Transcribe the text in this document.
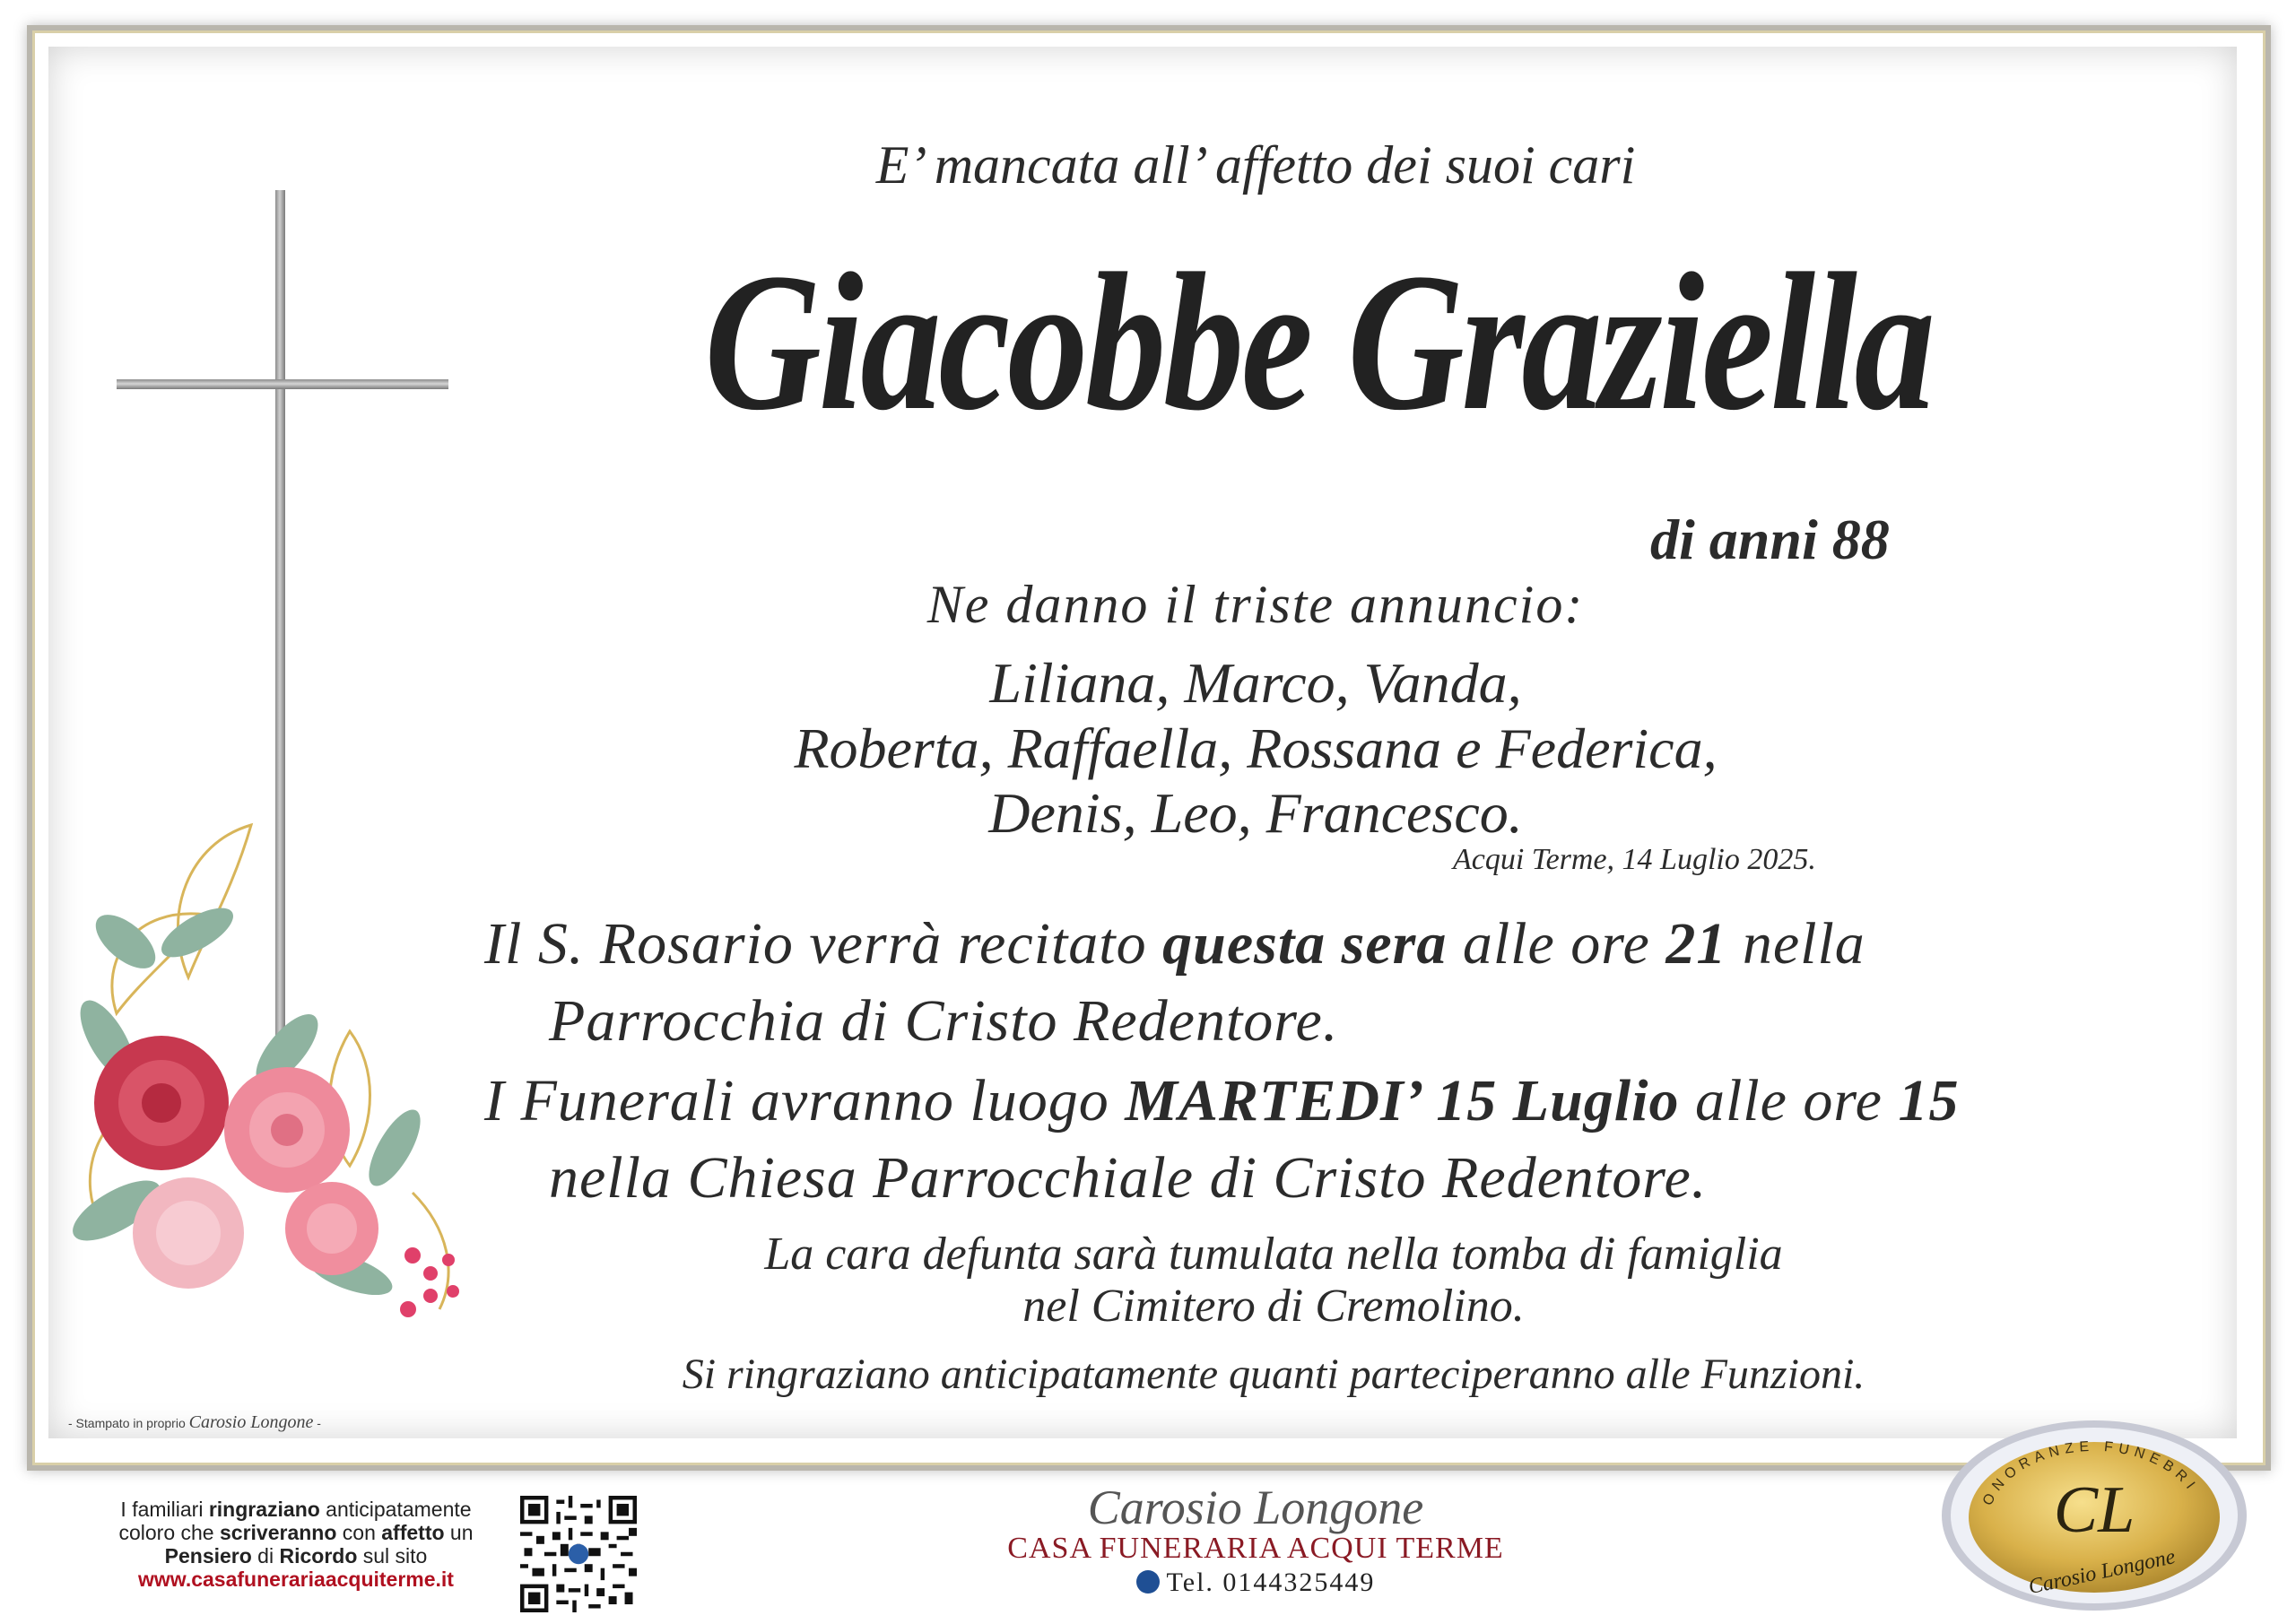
E’ mancata all’ affetto dei suoi cari
Giacobbe Graziella
di anni 88
Ne danno il triste annuncio:
Liliana, Marco, Vanda,
Roberta, Raffaella, Rossana e Federica,
Denis, Leo, Francesco.
Acqui Terme, 14 Luglio 2025.
Il S. Rosario verrà recitato questa sera alle ore 21 nella
Parrocchia di Cristo Redentore.
I Funerali avranno luogo MARTEDI’ 15 Luglio alle ore 15
nella Chiesa Parrocchiale di Cristo Redentore.
La cara defunta sarà tumulata nella tomba di famiglia
nel Cimitero di Cremolino.
Si ringraziano anticipatamente quanti parteciperanno alle Funzioni.
- Stampato in proprio Carosio Longone -
I familiari ringraziano anticipatamente coloro che scriveranno con affetto un Pensiero di Ricordo sul sito
www.casafunerariaacquiterme.it
Carosio Longone
CASA FUNERARIA ACQUI TERME
Tel. 0144325449
ONORANZE FUNEBRI
CL
Carosio Longone
